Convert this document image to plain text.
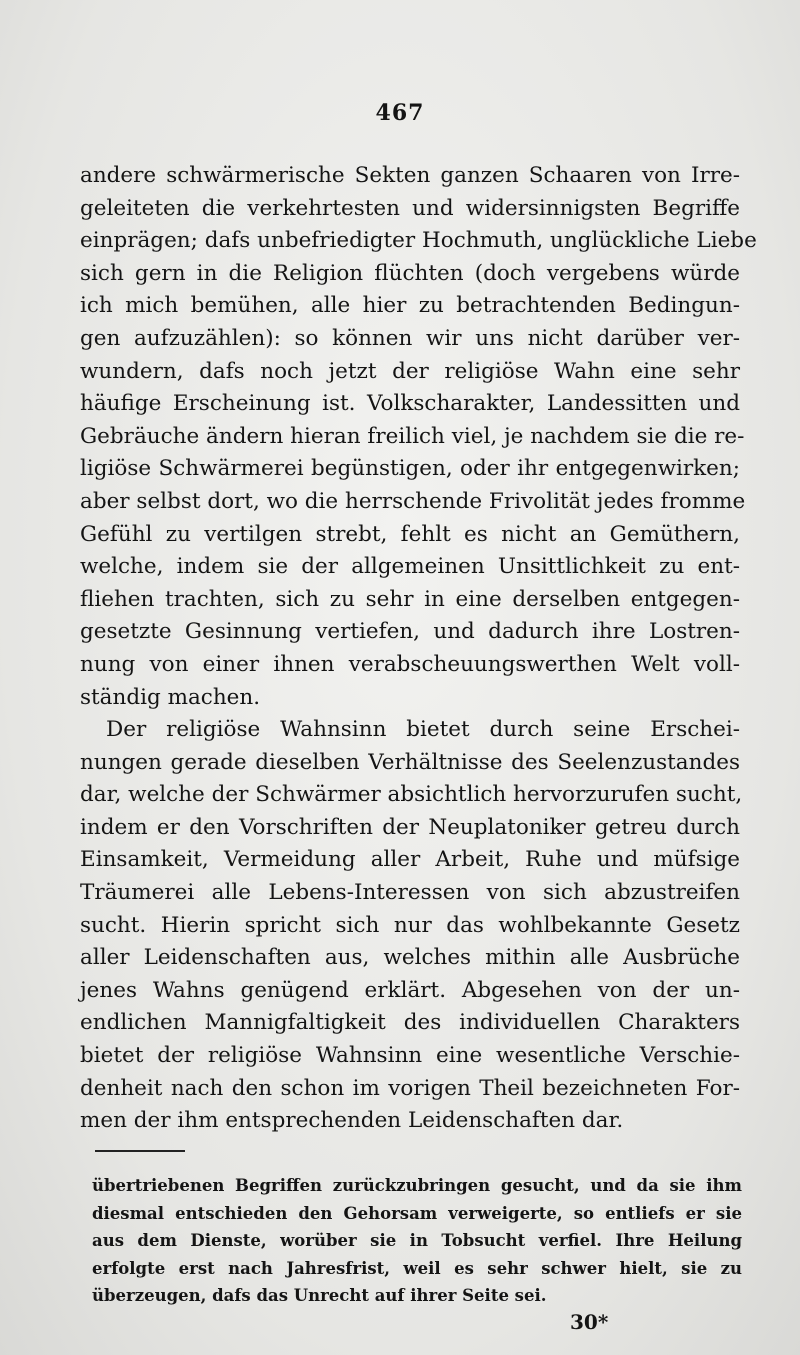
467
andere schwärmerische Sekten ganzen Schaaren von Irre-
geleiteten die verkehrtesten und widersinnigsten Begriffe
einprägen; dafs unbefriedigter Hochmuth, unglückliche Liebe
sich gern in die Religion flüchten (doch vergebens würde
ich mich bemühen, alle hier zu betrachtenden Bedingun-
gen aufzuzählen): so können wir uns nicht darüber ver-
wundern, dafs noch jetzt der religiöse Wahn eine sehr
häufige Erscheinung ist. Volkscharakter, Landessitten und
Gebräuche ändern hieran freilich viel, je nachdem sie die re-
ligiöse Schwärmerei begünstigen, oder ihr entgegenwirken;
aber selbst dort, wo die herrschende Frivolität jedes fromme
Gefühl zu vertilgen strebt, fehlt es nicht an Gemüthern,
welche, indem sie der allgemeinen Unsittlichkeit zu ent-
fliehen trachten, sich zu sehr in eine derselben entgegen-
gesetzte Gesinnung vertiefen, und dadurch ihre Lostren-
nung von einer ihnen verabscheuungswerthen Welt voll-
ständig machen.
Der religiöse Wahnsinn bietet durch seine Erschei-
nungen gerade dieselben Verhältnisse des Seelenzustandes
dar, welche der Schwärmer absichtlich hervorzurufen sucht,
indem er den Vorschriften der Neuplatoniker getreu durch
Einsamkeit, Vermeidung aller Arbeit, Ruhe und müfsige
Träumerei alle Lebens-Interessen von sich abzustreifen
sucht. Hierin spricht sich nur das wohlbekannte Gesetz
aller Leidenschaften aus, welches mithin alle Ausbrüche
jenes Wahns genügend erklärt. Abgesehen von der un-
endlichen Mannigfaltigkeit des individuellen Charakters
bietet der religiöse Wahnsinn eine wesentliche Verschie-
denheit nach den schon im vorigen Theil bezeichneten For-
men der ihm entsprechenden Leidenschaften dar.
übertriebenen Begriffen zurückzubringen gesucht, und da sie ihm
diesmal entschieden den Gehorsam verweigerte, so entliefs er sie
aus dem Dienste, worüber sie in Tobsucht verfiel. Ihre Heilung
erfolgte erst nach Jahresfrist, weil es sehr schwer hielt, sie zu
überzeugen, dafs das Unrecht auf ihrer Seite sei.
30*
